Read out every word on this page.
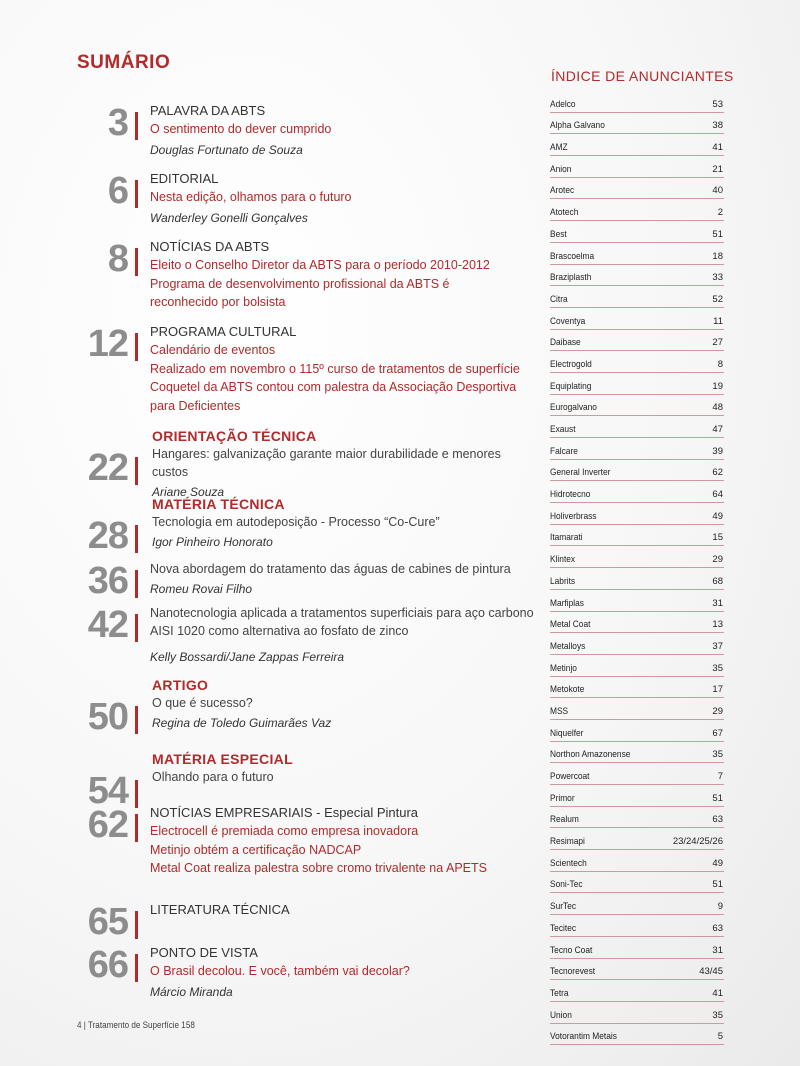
SUMÁRIO
PALAVRA DA ABTS
O sentimento do dever cumprido
Douglas Fortunato de Souza
3
EDITORIAL
Nesta edição, olhamos para o futuro
Wanderley Gonelli Gonçalves
6
NOTÍCIAS DA ABTS
Eleito o Conselho Diretor da ABTS para o período 2010-2012
Programa de desenvolvimento profissional da ABTS é
reconhecido por bolsista
8
PROGRAMA CULTURAL
Calendário de eventos
Realizado em novembro o 115º curso de tratamentos de superfície
Coquetel da ABTS contou com palestra da Associação Desportiva
para Deficientes
12
ORIENTAÇÃO TÉCNICA
Hangares: galvanização garante maior durabilidade e menores custos
Ariane Souza
22
MATÉRIA TÉCNICA
Tecnologia em autodeposição - Processo “Co-Cure”
Igor Pinheiro Honorato
28
Nova abordagem do tratamento das águas de cabines de pintura
Romeu Rovai Filho
36
Nanotecnologia aplicada a tratamentos superficiais para aço carbono
AISI 1020 como alternativa ao fosfato de zinco
Kelly Bossardi/Jane Zappas Ferreira
42
ARTIGO
O que é sucesso?
Regina de Toledo Guimarães Vaz
50
MATÉRIA ESPECIAL
Olhando para o futuro
54
NOTÍCIAS EMPRESARIAIS - Especial Pintura
Electrocell é premiada como empresa inovadora
Metinjo obtém a certificação NADCAP
Metal Coat realiza palestra sobre cromo trivalente na APETS
62
LITERATURA TÉCNICA
65
PONTO DE VISTA
O Brasil decolou. E você, também vai decolar?
Márcio Miranda
66
ÍNDICE DE ANUNCIANTES
Adelco	53
Alpha Galvano	38
AMZ	41
Anion	21
Arotec	40
Atotech	2
Best	51
Brascoelma	18
Braziplasth	33
Citra	52
Coventya	11
Daibase	27
Electrogold	8
Equiplating	19
Eurogalvano	48
Exaust	47
Falcare	39
General Inverter	62
Hidrotecno	64
Holiverbrass	49
Itamarati	15
Klintex	29
Labrits	68
Marfiplas	31
Metal Coat	13
Metalloys	37
Metinjo	35
Metokote	17
MSS	29
Niquelfer	67
Northon Amazonense	35
Powercoat	7
Primor	51
Realum	63
Resimapi	23/24/25/26
Scientech	49
Soni-Tec	51
SurTec	9
Tecitec	63
Tecno Coat	31
Tecnorevest	43/45
Tetra	41
Union	35
Votorantim Metais	5
4 | Tratamento de Superfície 158
